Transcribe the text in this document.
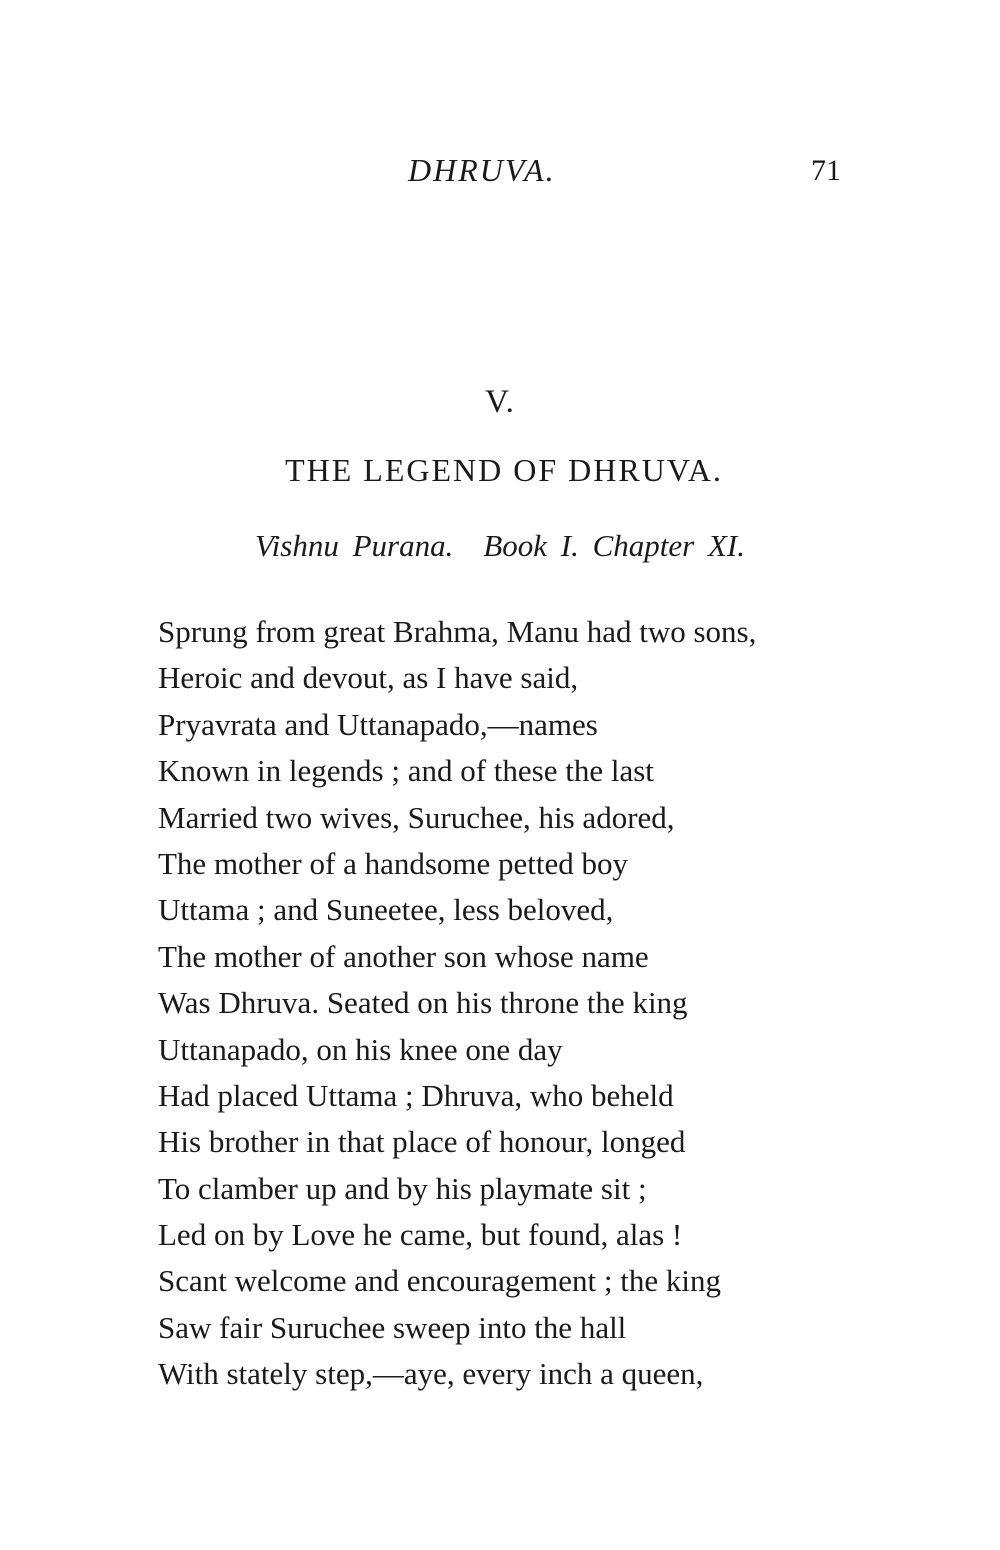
DHRUVA.	71
V.
THE LEGEND OF DHRUVA.
Vishnu Purana. Book I. Chapter XI.
Sprung from great Brahma, Manu had two sons,
Heroic and devout, as I have said,
Pryavrata and Uttanapado,—names
Known in legends ; and of these the last
Married two wives, Suruchee, his adored,
The mother of a handsome petted boy
Uttama ; and Suneetee, less beloved,
The mother of another son whose name
Was Dhruva. Seated on his throne the king
Uttanapado, on his knee one day
Had placed Uttama ; Dhruva, who beheld
His brother in that place of honour, longed
To clamber up and by his playmate sit ;
Led on by Love he came, but found, alas !
Scant welcome and encouragement ; the king
Saw fair Suruchee sweep into the hall
With stately step,—aye, every inch a queen,
